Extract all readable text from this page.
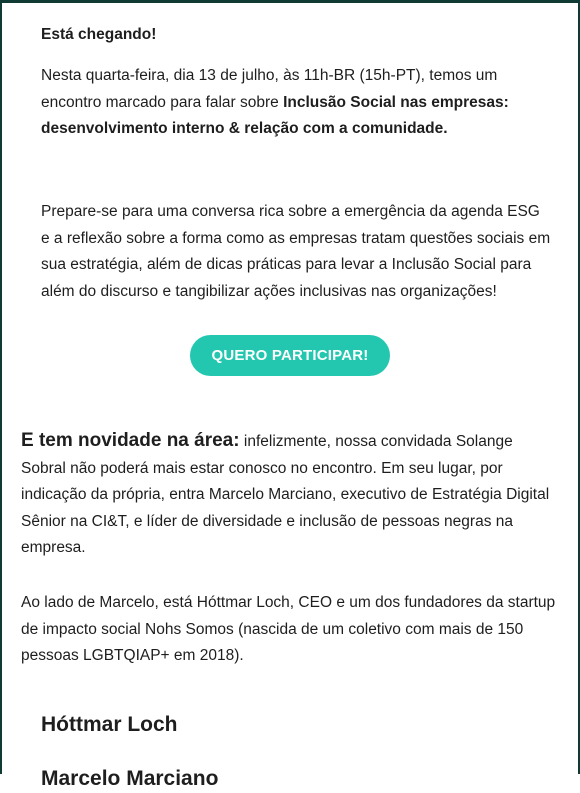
Está chegando!
Nesta quarta-feira, dia 13 de julho, às 11h-BR (15h-PT), temos um encontro marcado para falar sobre Inclusão Social nas empresas: desenvolvimento interno & relação com a comunidade.
Prepare-se para uma conversa rica sobre a emergência da agenda ESG e a reflexão sobre a forma como as empresas tratam questões sociais em sua estratégia, além de dicas práticas para levar a Inclusão Social para além do discurso e tangibilizar ações inclusivas nas organizações!
QUERO PARTICIPAR!
E tem novidade na área: infelizmente, nossa convidada Solange Sobral não poderá mais estar conosco no encontro. Em seu lugar, por indicação da própria, entra Marcelo Marciano, executivo de Estratégia Digital Sênior na CI&T, e líder de diversidade e inclusão de pessoas negras na empresa.
Ao lado de Marcelo, está Hóttmar Loch, CEO e um dos fundadores da startup de impacto social Nohs Somos (nascida de um coletivo com mais de 150 pessoas LGBTQIAP+ em 2018).
Hóttmar Loch
Marcelo Marciano
